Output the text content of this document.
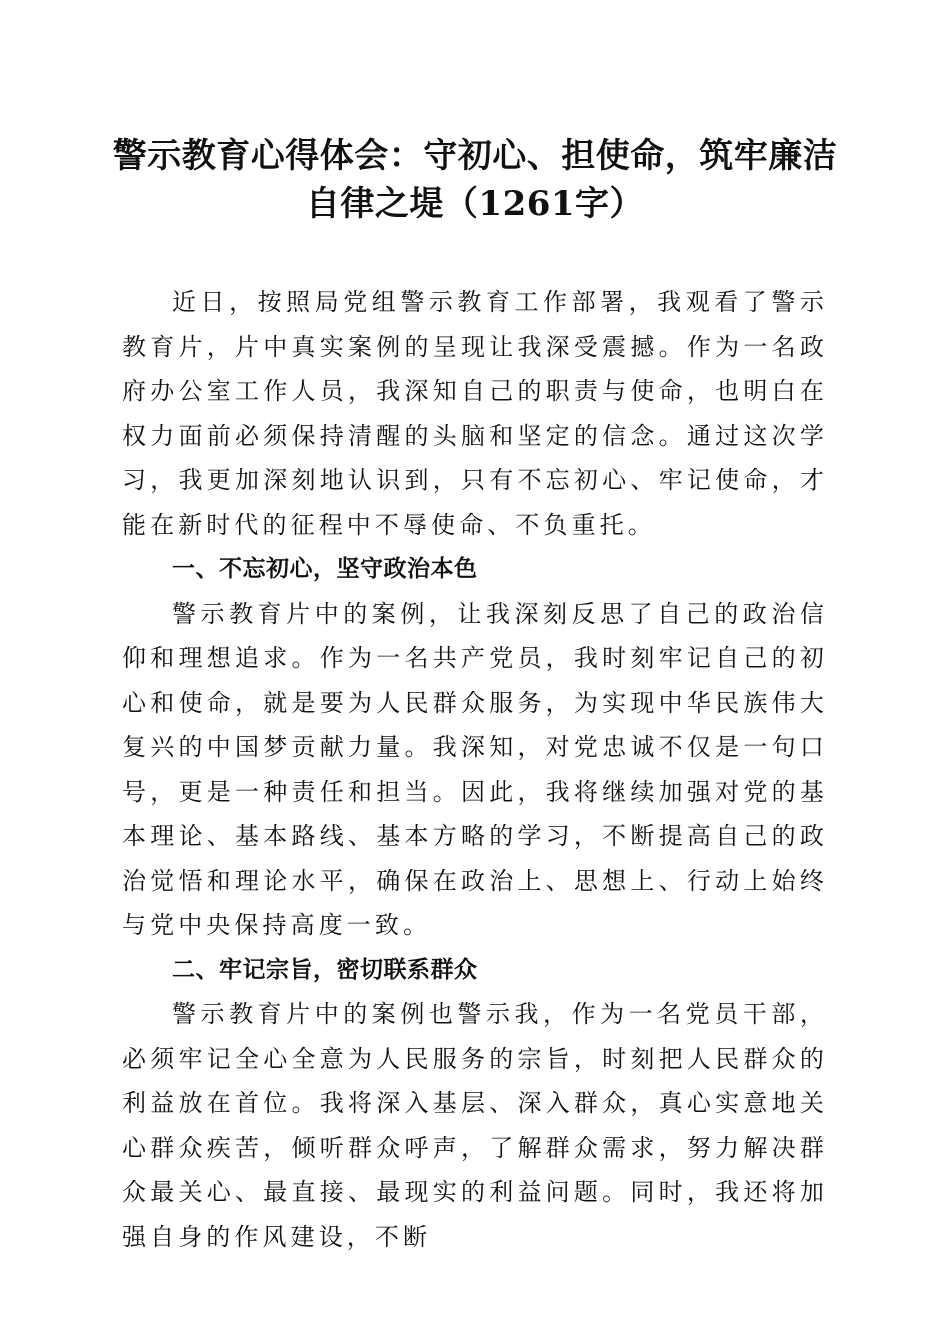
警示教育心得体会：守初心、担使命，筑牢廉洁自律之堤（1261字）

近日，按照局党组警示教育工作部署，我观看了警示教育片，片中真实案例的呈现让我深受震撼。作为一名政府办公室工作人员，我深知自己的职责与使命，也明白在权力面前必须保持清醒的头脑和坚定的信念。通过这次学习，我更加深刻地认识到，只有不忘初心、牢记使命，才能在新时代的征程中不辱使命、不负重托。

一、不忘初心，坚守政治本色

警示教育片中的案例，让我深刻反思了自己的政治信仰和理想追求。作为一名共产党员，我时刻牢记自己的初心和使命，就是要为人民群众服务，为实现中华民族伟大复兴的中国梦贡献力量。我深知，对党忠诚不仅是一句口号，更是一种责任和担当。因此，我将继续加强对党的基本理论、基本路线、基本方略的学习，不断提高自己的政治觉悟和理论水平，确保在政治上、思想上、行动上始终与党中央保持高度一致。

二、牢记宗旨，密切联系群众

警示教育片中的案例也警示我，作为一名党员干部，必须牢记全心全意为人民服务的宗旨，时刻把人民群众的利益放在首位。我将深入基层、深入群众，真心实意地关心群众疾苦，倾听群众呼声，了解群众需求，努力解决群众最关心、最直接、最现实的利益问题。同时，我还将加强自身的作风建设，不断
